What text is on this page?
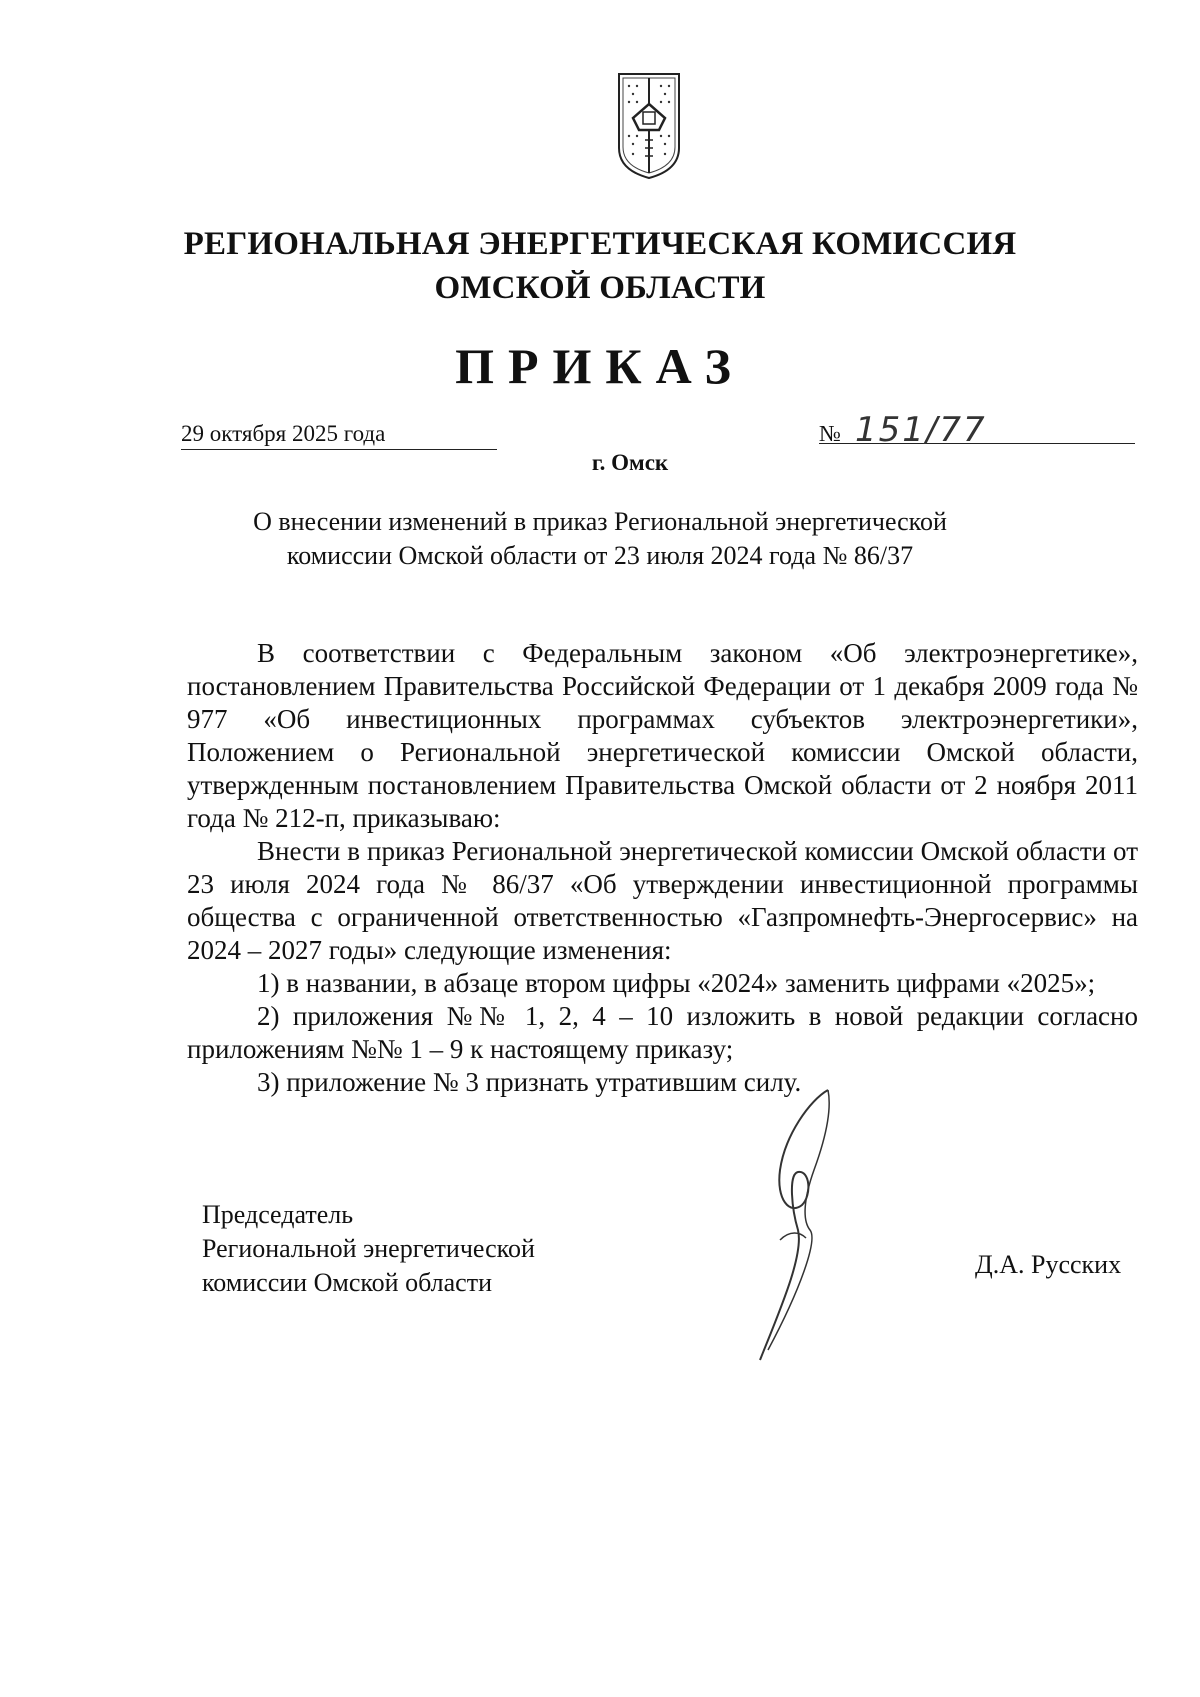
РЕГИОНАЛЬНАЯ ЭНЕРГЕТИЧЕСКАЯ КОМИССИЯ
ОМСКОЙ ОБЛАСТИ
ПРИКАЗ
29 октября 2025 года	№ 151/77
г. Омск
О внесении изменений в приказ Региональной энергетической
комиссии Омской области от 23 июля 2024 года № 86/37

В соответствии с Федеральным законом «Об электроэнергетике», постановлением Правительства Российской Федерации от 1 декабря 2009 года № 977 «Об инвестиционных программах субъектов электроэнергетики», Положением о Региональной энергетической комиссии Омской области, утвержденным постановлением Правительства Омской области от 2 ноября 2011 года № 212-п, приказываю:

Внести в приказ Региональной энергетической комиссии Омской области от 23 июля 2024 года № 86/37 «Об утверждении инвестиционной программы общества с ограниченной ответственностью «Газпромнефть-Энергосервис» на 2024 – 2027 годы» следующие изменения:

1) в названии, в абзаце втором цифры «2024» заменить цифрами «2025»;

2) приложения №№ 1, 2, 4 – 10 изложить в новой редакции согласно приложениям №№ 1 – 9 к настоящему приказу;

3) приложение № 3 признать утратившим силу.

Председатель
Региональной энергетической
комиссии Омской области
Д.А. Русских
